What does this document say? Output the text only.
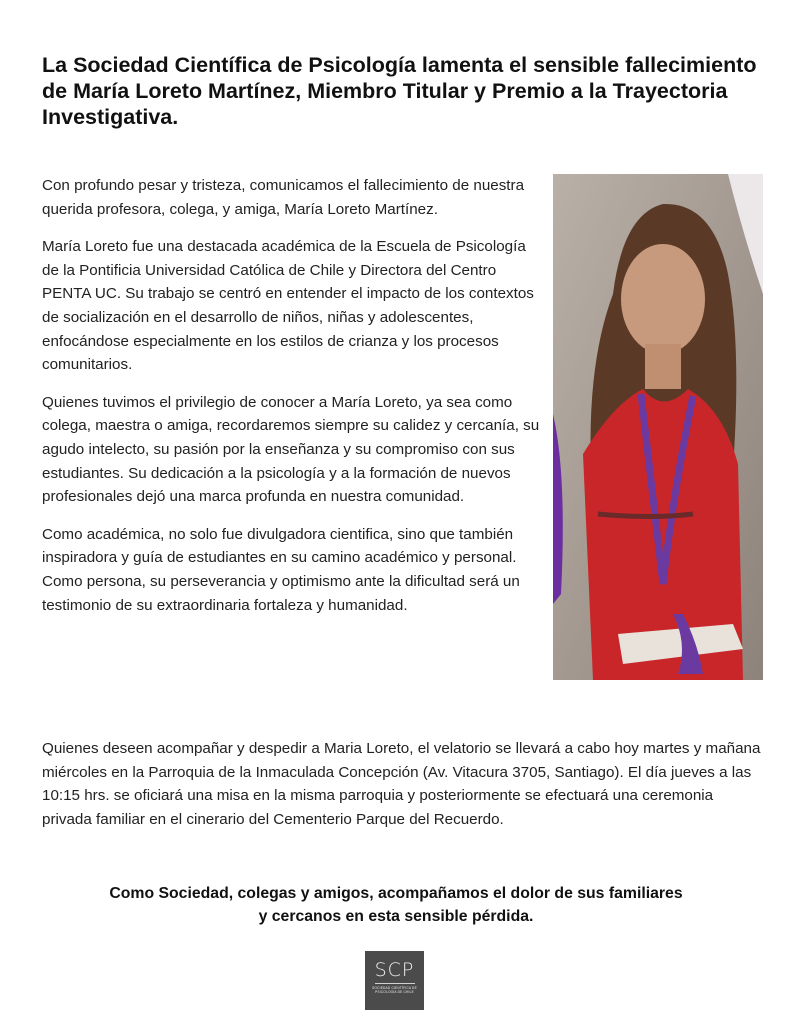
La Sociedad Científica de Psicología lamenta el sensible fallecimiento de María Loreto Martínez, Miembro Titular y Premio a la Trayectoria Investigativa.

Con profundo pesar y tristeza, comunicamos el fallecimiento de nuestra querida profesora, colega, y amiga, María Loreto Martínez.

María Loreto fue una destacada académica de la Escuela de Psicología de la Pontificia Universidad Católica de Chile y Directora del Centro PENTA UC. Su trabajo se centró en entender el impacto de los contextos de socialización en el desarrollo de niños, niñas y adolescentes, enfocándose especialmente en los estilos de crianza y los procesos comunitarios.

Quienes tuvimos el privilegio de conocer a María Loreto, ya sea como colega, maestra o amiga, recordaremos siempre su calidez y cercanía, su agudo intelecto, su pasión por la enseñanza y su compromiso con sus estudiantes. Su dedicación a la psicología y a la formación de nuevos profesionales dejó una marca profunda en nuestra comunidad.

Como académica, no solo fue divulgadora cientifica, sino que también inspiradora y guía de estudiantes en su camino académico y personal. Como persona, su perseverancia y optimismo ante la dificultad será un testimonio de su extraordinaria fortaleza y humanidad.

Quienes deseen acompañar y despedir a Maria Loreto, el velatorio se llevará a cabo hoy martes y mañana miércoles en la Parroquia de la Inmaculada Concepción (Av. Vitacura 3705, Santiago). El día jueves a las 10:15 hrs. se oficiará una misa en la misma parroquia y posteriormente se efectuará una ceremonia privada familiar en el cinerario del Cementerio Parque del Recuerdo.

Como Sociedad, colegas y amigos, acompañamos el dolor de sus familiares
y cercanos en esta sensible pérdida.

SCP
SOCIEDAD CIENTÍFICA DE PSICOLOGÍA DE CHILE
